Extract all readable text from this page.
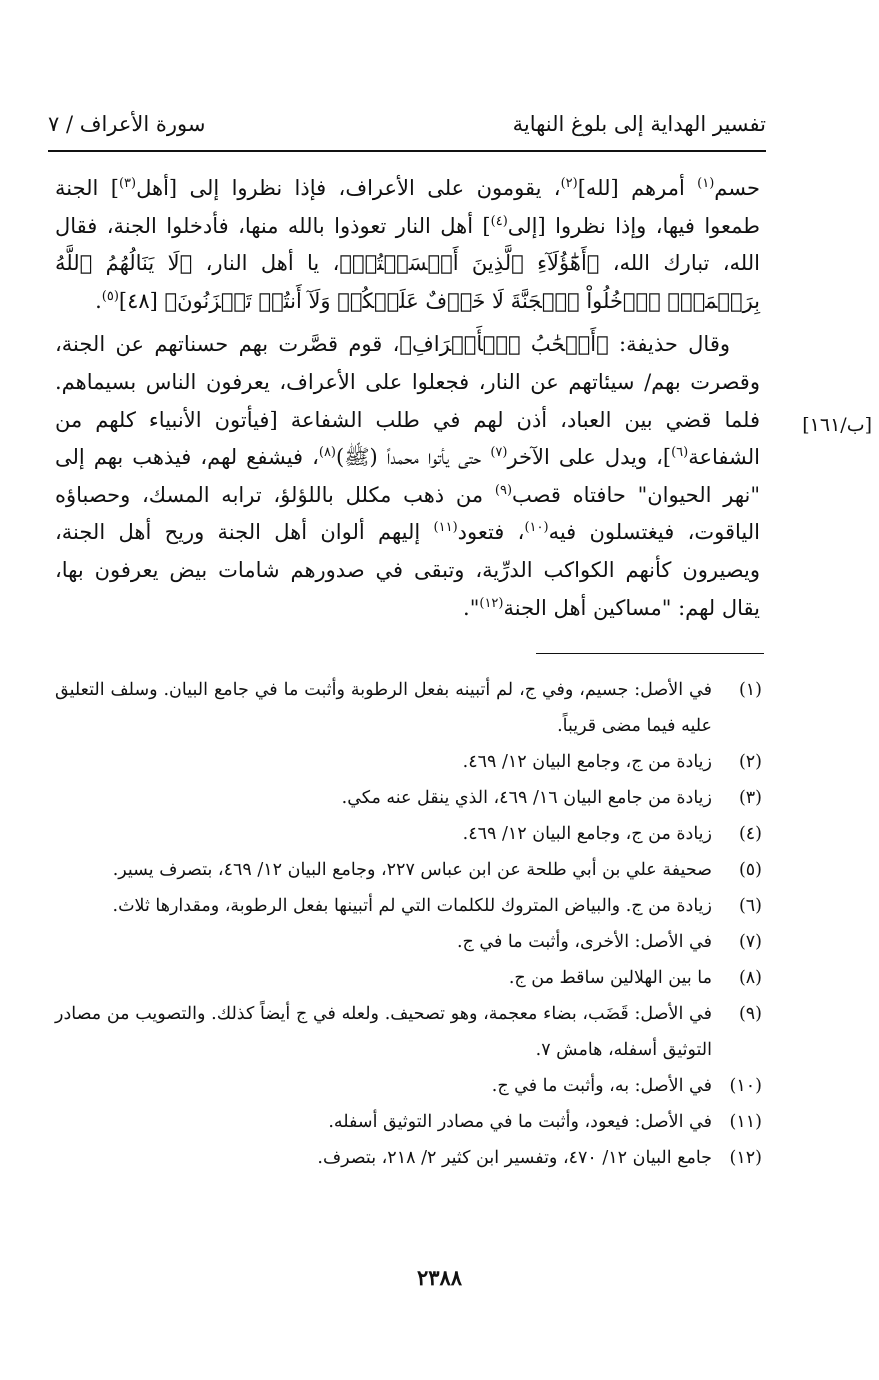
تفسير الهداية إلى بلوغ النهاية
سورة الأعراف / ٧
[ب/١٦١]

حسم$^{(١)}$ أمرهم [لله]$^{(٢)}$، يقومون على الأعراف، فإذا نظروا إلى [أهل$^{(٣)}$] الجنة طمعوا فيها، وإذا نظروا [إلى$^{(٤)}$] أهل النار تعوذوا بالله منها، فأدخلوا الجنة، فقال الله، تبارك الله، ﴿أَهَٰٓؤُلَآءِ ٱلَّذِينَ أَقۡسَمۡتُمۡ﴾، يا أهل النار، ﴿لَا يَنَالُهُمُ ٱللَّهُ بِرَحۡمَةٍۚ ٱدۡخُلُواْ ٱلۡجَنَّةَ لَا خَوۡفٌ عَلَيۡكُمۡ وَلَآ أَنتُمۡ تَحۡزَنُونَ﴾ [٤٨]$^{(٥)}$.

وقال حذيفة: ﴿أَصۡحَٰبُ ٱلۡأَعۡرَافِ﴾، قوم قصَّرت بهم حسناتهم عن الجنة، وقصرت بهم/ سيئاتهم عن النار، فجعلوا على الأعراف، يعرفون الناس بسيماهم. فلما قضي بين العباد، أذن لهم في طلب الشفاعة [فيأتون الأنبياء كلهم من الشفاعة$^{(٦)}$]، ويدل على الآخر$^{(٧)}$ حتى يأتوا محمداً (ﷺ)$^{(٨)}$، فيشفع لهم، فيذهب بهم إلى "نهر الحيوان" حافتاه قصب$^{(٩)}$ من ذهب مكلل باللؤلؤ، ترابه المسك، وحصباؤه الياقوت، فيغتسلون فيه$^{(١٠)}$، فتعود$^{(١١)}$ إليهم ألوان أهل الجنة وريح أهل الجنة، ويصيرون كأنهم الكواكب الدرِّية، وتبقى في صدورهم شامات بيض يعرفون بها، يقال لهم: "مساكين أهل الجنة$^{(١٢)}$".

(١)
في الأصل: جسيم، وفي ج، لم أتبينه بفعل الرطوبة وأثبت ما في جامع البيان. وسلف التعليق عليه فيما مضى قريباً.
(٢)
زيادة من ج، وجامع البيان ١٢/ ٤٦٩.
(٣)
زيادة من جامع البيان ١٦/ ٤٦٩، الذي ينقل عنه مكي.
(٤)
زيادة من ج، وجامع البيان ١٢/ ٤٦٩.
(٥)
صحيفة علي بن أبي طلحة عن ابن عباس ٢٢٧، وجامع البيان ١٢/ ٤٦٩، بتصرف يسير.
(٦)
زيادة من ج. والبياض المتروك للكلمات التي لم أتبينها بفعل الرطوبة، ومقدارها ثلاث.
(٧)
في الأصل: الأخرى، وأثبت ما في ج.
(٨)
ما بين الهلالين ساقط من ج.
(٩)
في الأصل: قَضَب، بضاء معجمة، وهو تصحيف. ولعله في ج أيضاً كذلك. والتصويب من مصادر التوثيق أسفله، هامش ٧.
(١٠)
في الأصل: به، وأثبت ما في ج.
(١١)
في الأصل: فيعود، وأثبت ما في مصادر التوثيق أسفله.
(١٢)
جامع البيان ١٢/ ٤٧٠، وتفسير ابن كثير ٢/ ٢١٨، بتصرف.
٢٣٨٨
